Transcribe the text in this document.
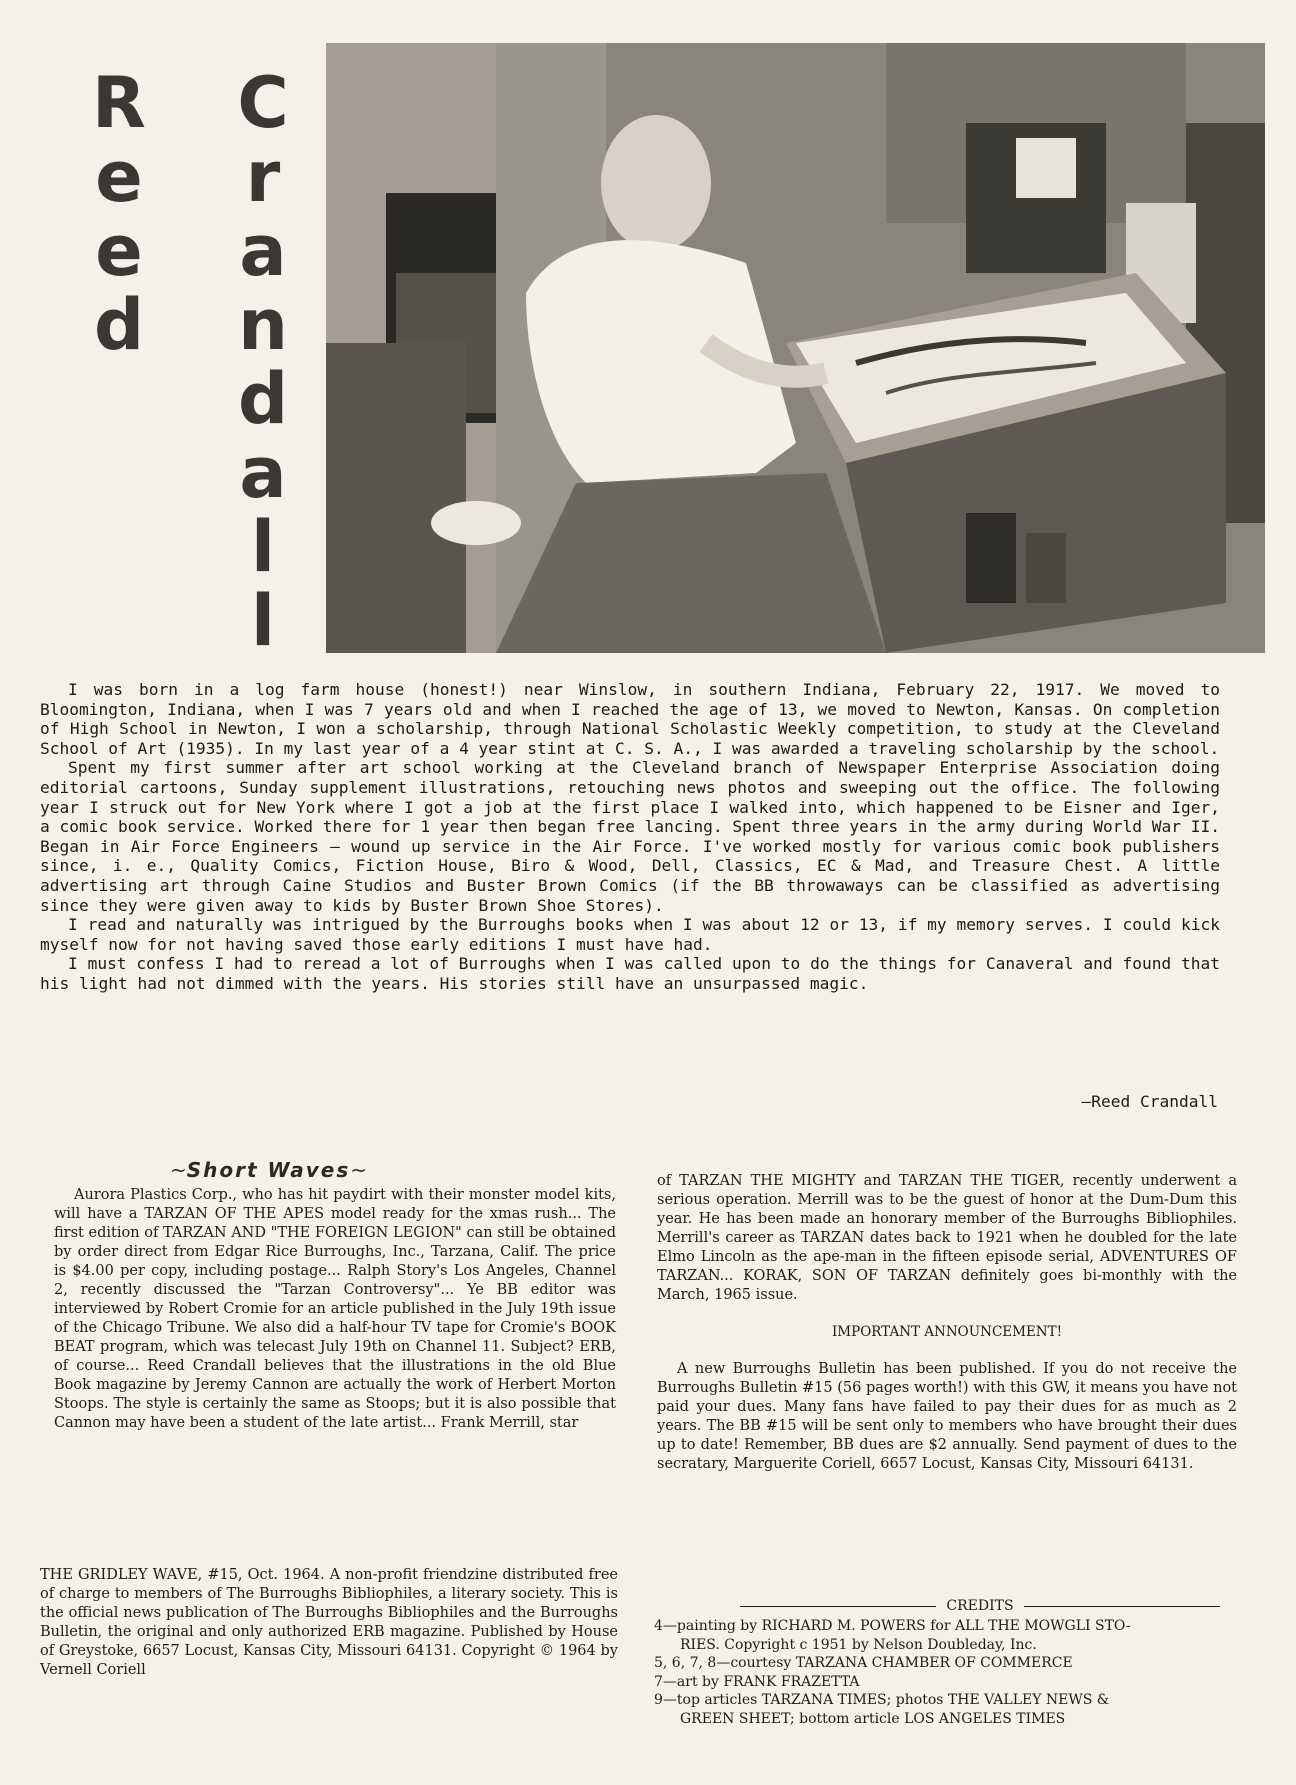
R
e
e
d
C
r
a
n
d
a
l
l

I was born in a log farm house (honest!) near Winslow, in southern Indiana, February 22, 1917. We moved to Bloomington, Indiana, when I was 7 years old and when I reached the age of 13, we moved to Newton, Kansas. On completion of High School in Newton, I won a scholarship, through National Scholastic Weekly competition, to study at the Cleveland School of Art (1935). In my last year of a 4 year stint at C. S. A., I was awarded a traveling scholarship by the school.

Spent my first summer after art school working at the Cleveland branch of Newspaper Enterprise Association doing editorial cartoons, Sunday supplement illustrations, retouching news photos and sweeping out the office. The following year I struck out for New York where I got a job at the first place I walked into, which happened to be Eisner and Iger, a comic book service. Worked there for 1 year then began free lancing. Spent three years in the army during World War II. Began in Air Force Engineers — wound up service in the Air Force. I've worked mostly for various comic book publishers since, i. e., Quality Comics, Fiction House, Biro & Wood, Dell, Classics, EC & Mad, and Treasure Chest. A little advertising art through Caine Studios and Buster Brown Comics (if the BB throwaways can be classified as advertising since they were given away to kids by Buster Brown Shoe Stores).

I read and naturally was intrigued by the Burroughs books when I was about 12 or 13, if my memory serves. I could kick myself now for not having saved those early editions I must have had.

I must confess I had to reread a lot of Burroughs when I was called upon to do the things for Canaveral and found that his light had not dimmed with the years. His stories still have an unsurpassed magic.

—Reed Crandall
~Short Waves~
Aurora Plastics Corp., who has hit paydirt with their monster model kits, will have a TARZAN OF THE APES model ready for the xmas rush... The first edition of TARZAN AND "THE FOREIGN LEGION" can still be obtained by order direct from Edgar Rice Burroughs, Inc., Tarzana, Calif. The price is $4.00 per copy, including postage... Ralph Story's Los Angeles, Channel 2, recently discussed the "Tarzan Controversy"... Ye BB editor was interviewed by Robert Cromie for an article published in the July 19th issue of the Chicago Tribune. We also did a half-hour TV tape for Cromie's BOOK BEAT program, which was telecast July 19th on Channel 11. Subject? ERB, of course... Reed Crandall believes that the illustrations in the old Blue Book magazine by Jeremy Cannon are actually the work of Herbert Morton Stoops. The style is certainly the same as Stoops; but it is also possible that Cannon may have been a student of the late artist... Frank Merrill, star

of TARZAN THE MIGHTY and TARZAN THE TIGER, recently underwent a serious operation. Merrill was to be the guest of honor at the Dum-Dum this year. He has been made an honorary member of the Burroughs Bibliophiles. Merrill's career as TARZAN dates back to 1921 when he doubled for the late Elmo Lincoln as the ape-man in the fifteen episode serial, ADVENTURES OF TARZAN... KORAK, SON OF TARZAN definitely goes bi-monthly with the March, 1965 issue.

IMPORTANT ANNOUNCEMENT!

A new Burroughs Bulletin has been published. If you do not receive the Burroughs Bulletin #15 (56 pages worth!) with this GW, it means you have not paid your dues. Many fans have failed to pay their dues for as much as 2 years. The BB #15 will be sent only to members who have brought their dues up to date! Remember, BB dues are $2 annually. Send payment of dues to the secratary, Marguerite Coriell, 6657 Locust, Kansas City, Missouri 64131.

THE GRIDLEY WAVE, #15, Oct. 1964. A non-profit friendzine distributed free of charge to members of The Burroughs Bibliophiles, a literary society. This is the official news publication of The Burroughs Bibliophiles and the Burroughs Bulletin, the original and only authorized ERB magazine. Published by House of Greystoke, 6657 Locust, Kansas City, Missouri 64131. Copyright © 1964 by Vernell Coriell
CREDITS
4—painting by RICHARD M. POWERS for ALL THE MOWGLI STO-
RIES. Copyright c 1951 by Nelson Doubleday, Inc.
5, 6, 7, 8—courtesy TARZANA CHAMBER OF COMMERCE
7—art by FRANK FRAZETTA
9—top articles TARZANA TIMES; photos THE VALLEY NEWS &
GREEN SHEET; bottom article LOS ANGELES TIMES
